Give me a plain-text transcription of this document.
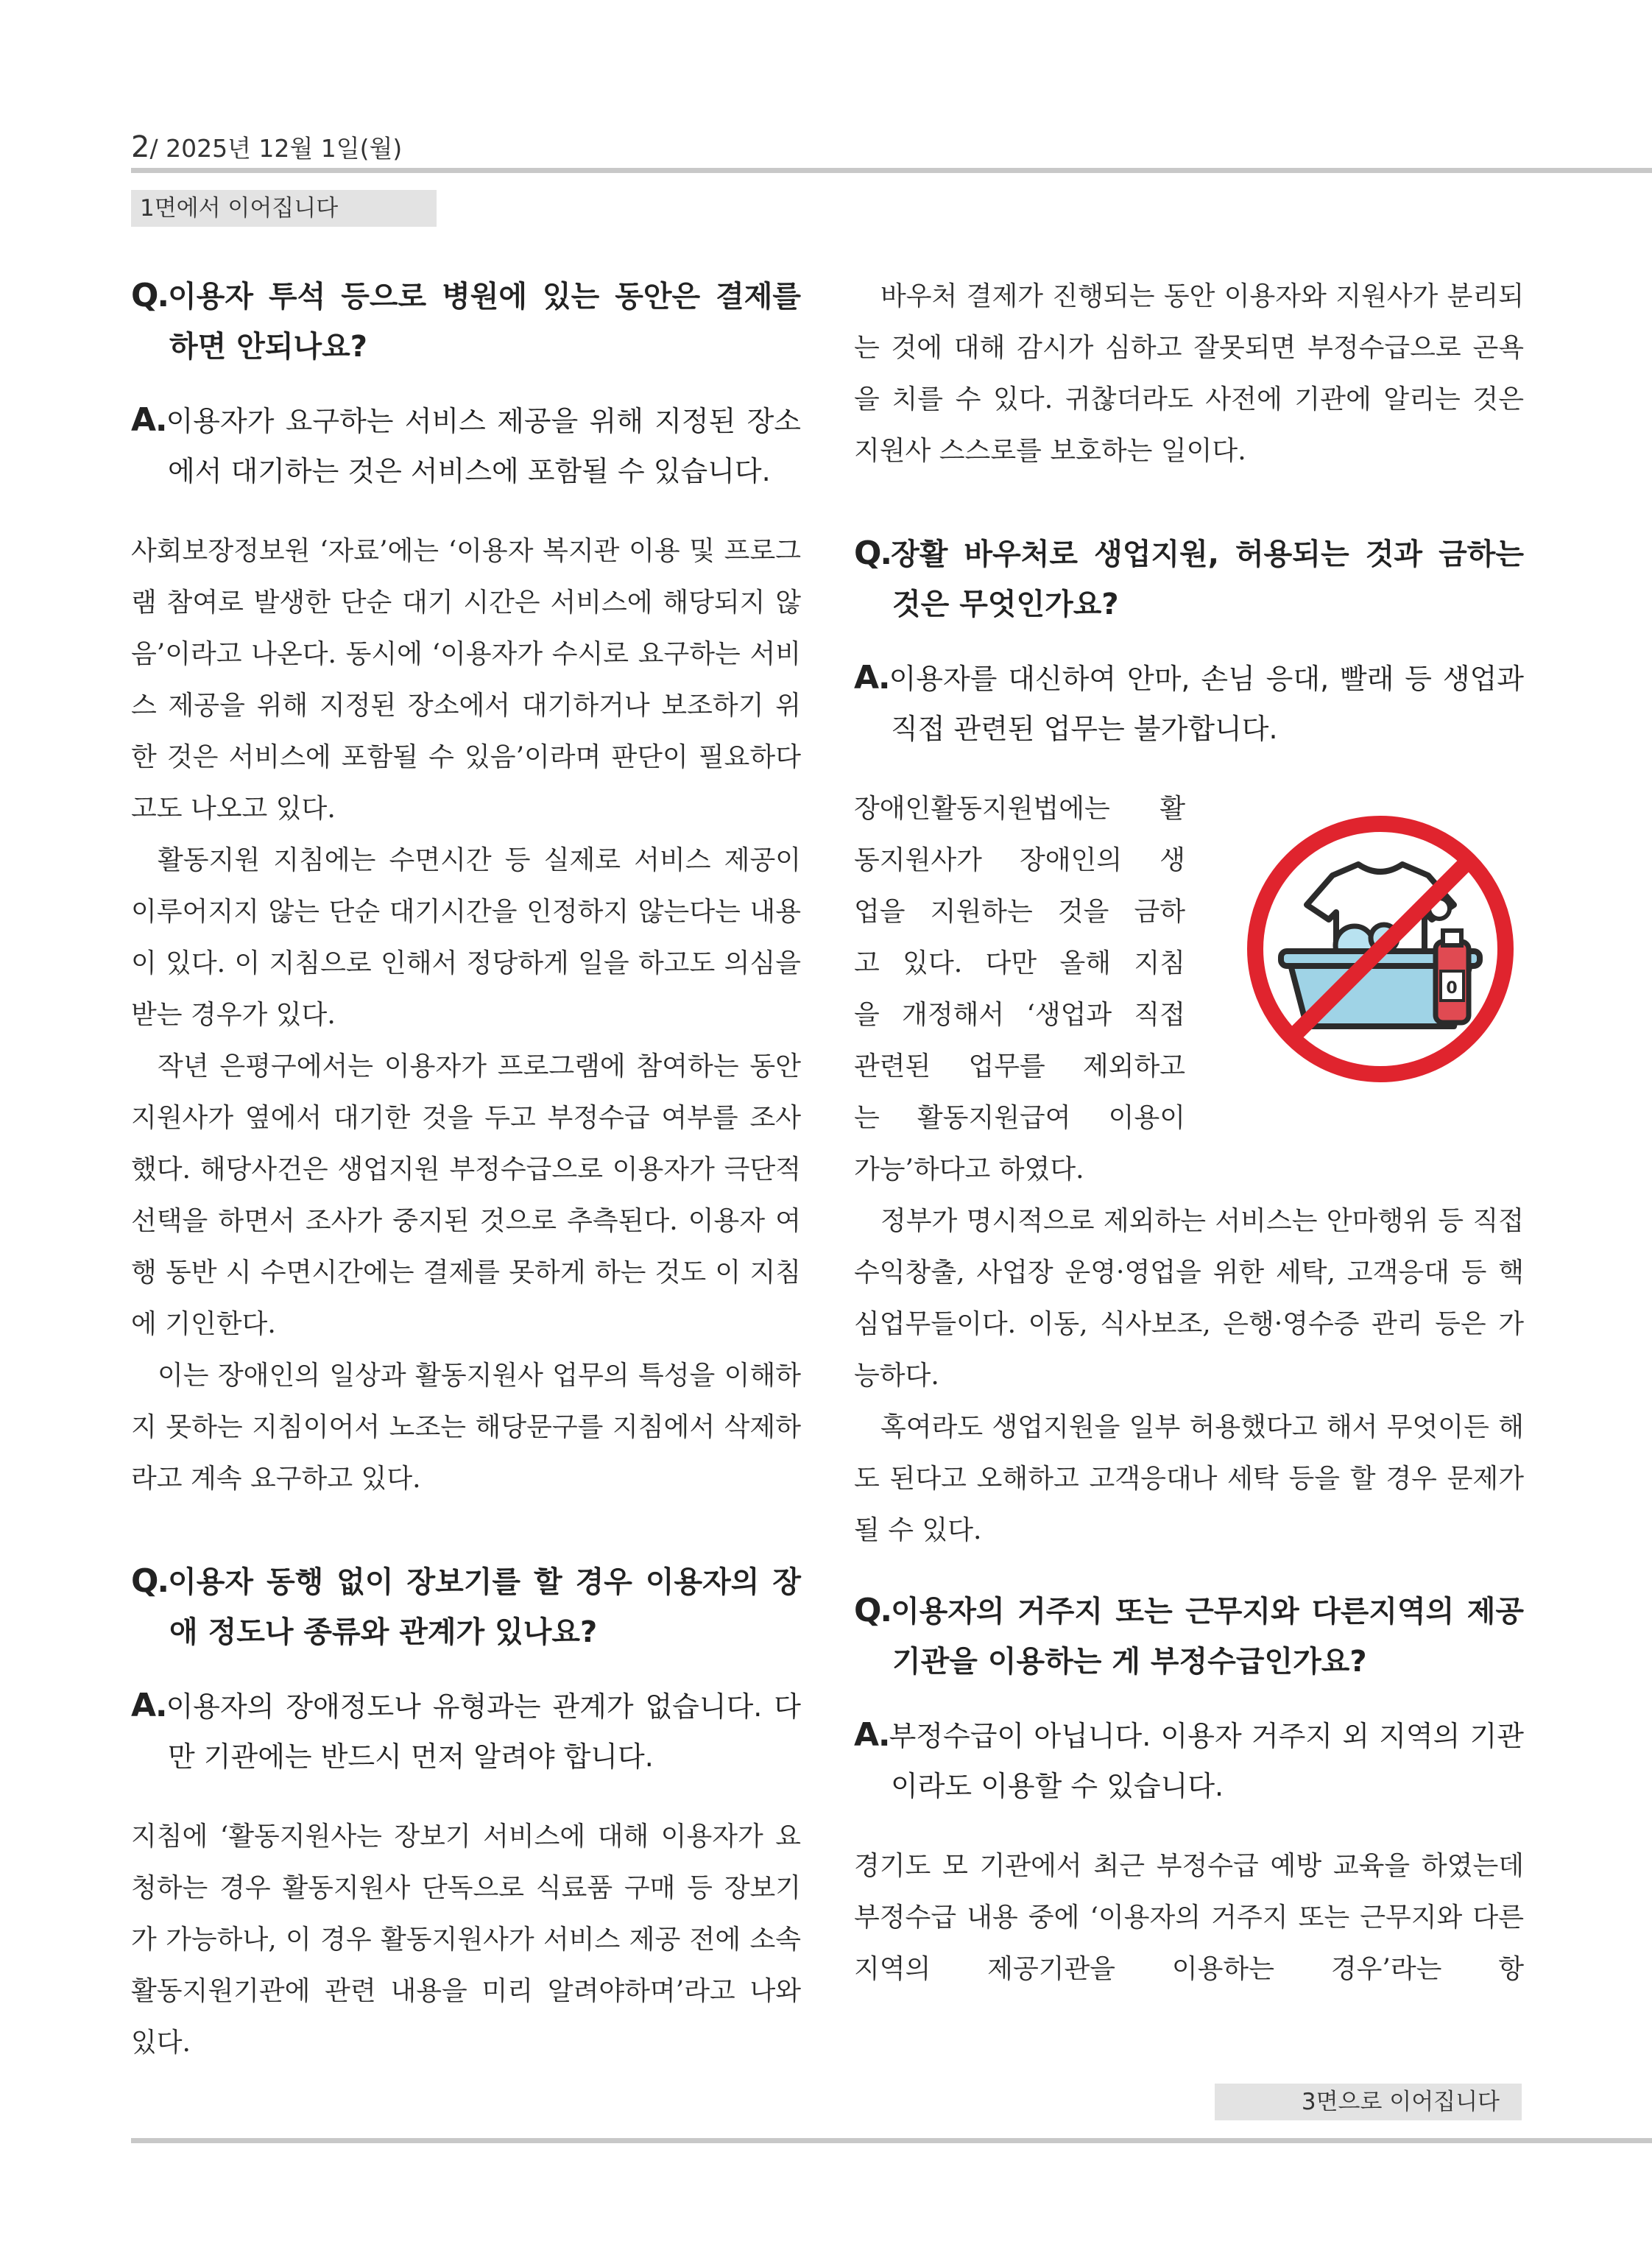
2/ 2025년 12월 1일(월)
1면에서 이어집니다
Q.이용자 투석 등으로 병원에 있는 동안은 결제를 하면 안되나요?
A.이용자가 요구하는 서비스 제공을 위해 지정된 장소에서 대기하는 것은 서비스에 포함될 수 있습니다.

사회보장정보원 ‘자료’에는 ‘이용자 복지관 이용 및 프로그램 참여로 발생한 단순 대기 시간은 서비스에 해당되지 않음’이라고 나온다. 동시에 ‘이용자가 수시로 요구하는 서비스 제공을 위해 지정된 장소에서 대기하거나 보조하기 위한 것은 서비스에 포함될 수 있음’이라며 판단이 필요하다고도 나오고 있다.

활동지원 지침에는 수면시간 등 실제로 서비스 제공이 이루어지지 않는 단순 대기시간을 인정하지 않는다는 내용이 있다. 이 지침으로 인해서 정당하게 일을 하고도 의심을 받는 경우가 있다.

작년 은평구에서는 이용자가 프로그램에 참여하는 동안 지원사가 옆에서 대기한 것을 두고 부정수급 여부를 조사했다. 해당사건은 생업지원 부정수급으로 이용자가 극단적 선택을 하면서 조사가 중지된 것으로 추측된다. 이용자 여행 동반 시 수면시간에는 결제를 못하게 하는 것도 이 지침에 기인한다.

이는 장애인의 일상과 활동지원사 업무의 특성을 이해하지 못하는 지침이어서 노조는 해당문구를 지침에서 삭제하라고 계속 요구하고 있다.

Q.이용자 동행 없이 장보기를 할 경우 이용자의 장애 정도나 종류와 관계가 있나요?
A.이용자의 장애정도나 유형과는 관계가 없습니다. 다만 기관에는 반드시 먼저 알려야 합니다.

지침에 ‘활동지원사는 장보기 서비스에 대해 이용자가 요청하는 경우 활동지원사 단독으로 식료품 구매 등 장보기가 가능하나, 이 경우 활동지원사가 서비스 제공 전에 소속 활동지원기관에 관련 내용을 미리 알려야하며’라고 나와 있다.

바우처 결제가 진행되는 동안 이용자와 지원사가 분리되는 것에 대해 감시가 심하고 잘못되면 부정수급으로 곤욕을 치를 수 있다. 귀찮더라도 사전에 기관에 알리는 것은 지원사 스스로를 보호하는 일이다.

Q.장활 바우처로 생업지원, 허용되는 것과 금하는 것은 무엇인가요?
A.이용자를 대신하여 안마, 손님 응대, 빨래 등 생업과 직접 관련된 업무는 불가합니다.

장애인활동지원법에는 활

동지원사가 장애인의 생

업을 지원하는 것을 금하

고 있다. 다만 올해 지침

을 개정해서 ‘생업과 직접

관련된 업무를 제외하고

는 활동지원급여 이용이

가능’하다고 하였다.

0

정부가 명시적으로 제외하는 서비스는 안마행위 등 직접 수익창출, 사업장 운영·영업을 위한 세탁, 고객응대 등 핵심업무들이다. 이동, 식사보조, 은행·영수증 관리 등은 가능하다.

혹여라도 생업지원을 일부 허용했다고 해서 무엇이든 해도 된다고 오해하고 고객응대나 세탁 등을 할 경우 문제가 될 수 있다.

Q.이용자의 거주지 또는 근무지와 다른지역의 제공기관을 이용하는 게 부정수급인가요?
A.부정수급이 아닙니다. 이용자 거주지 외 지역의 기관이라도 이용할 수 있습니다.

경기도 모 기관에서 최근 부정수급 예방 교육을 하였는데 부정수급 내용 중에 ‘이용자의 거주지 또는 근무지와 다른 지역의 제공기관을 이용하는 경우’라는 항

3면으로 이어집니다
